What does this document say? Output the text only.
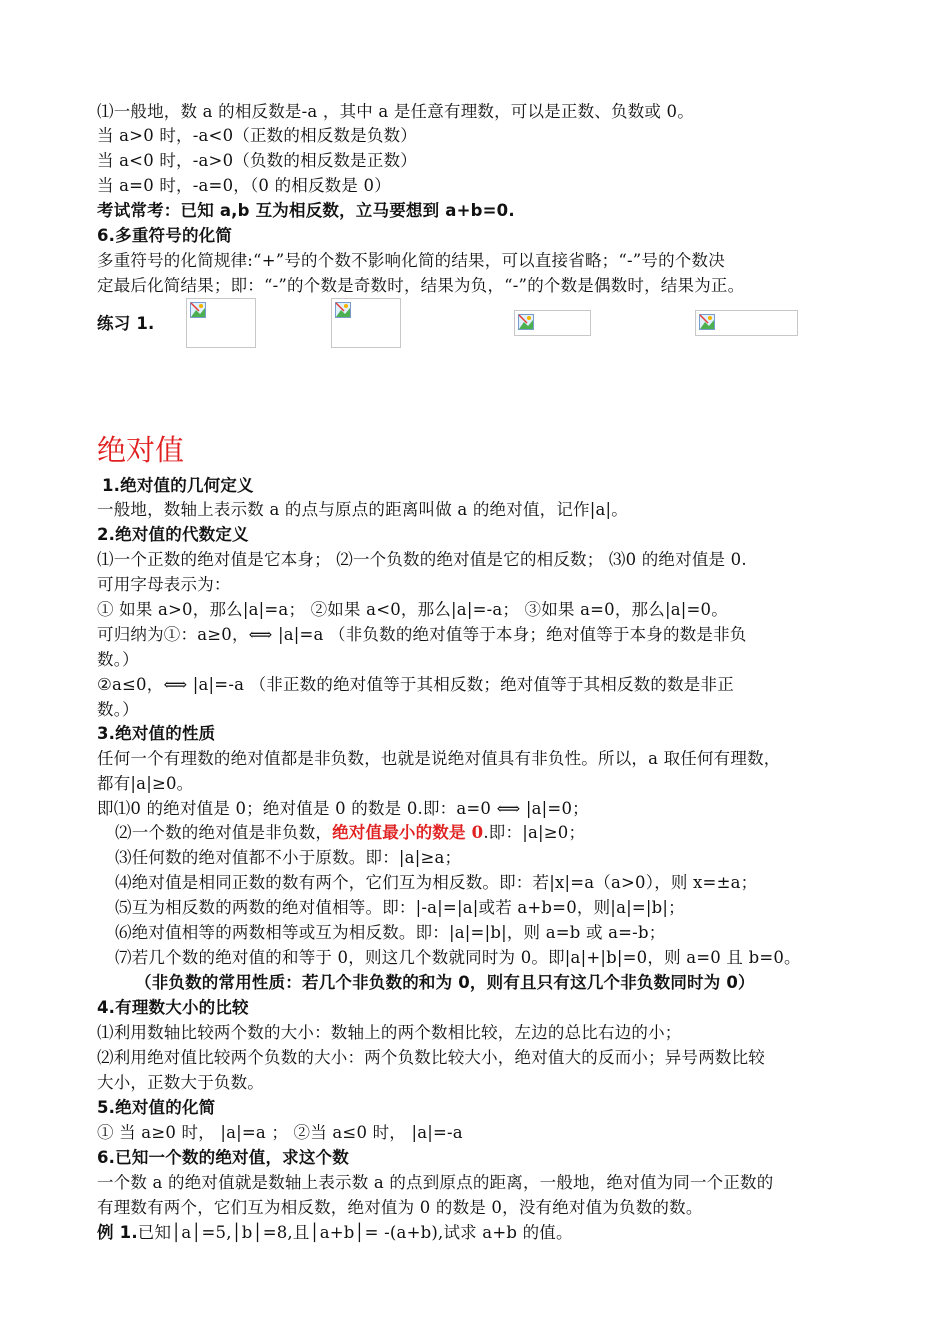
⑴一般地，数 a 的相反数是-a ，其中 a 是任意有理数，可以是正数、负数或 0。
当 a>0 时，-a<0（正数的相反数是负数）
当 a<0 时，-a>0（负数的相反数是正数）
当 a=0 时，-a=0，（0 的相反数是 0）
考试常考：已知 a,b 互为相反数，立马要想到 a+b=0.
6.多重符号的化简
多重符号的化简规律:“+”号的个数不影响化简的结果，可以直接省略；“-”号的个数决
定最后化简结果；即：“-”的个数是奇数时，结果为负，“-”的个数是偶数时，结果为正。
练习 1.
绝对值
1.绝对值的几何定义
一般地，数轴上表示数 a 的点与原点的距离叫做 a 的绝对值，记作|a|。
2.绝对值的代数定义
⑴一个正数的绝对值是它本身； ⑵一个负数的绝对值是它的相反数； ⑶0 的绝对值是 0.
可用字母表示为：
① 如果 a>0，那么|a|=a； ②如果 a<0，那么|a|=-a； ③如果 a=0，那么|a|=0。
可归纳为①：a≥0，⟺ |a|=a （非负数的绝对值等于本身；绝对值等于本身的数是非负
数。）
②a≤0，⟺ |a|=-a （非正数的绝对值等于其相反数；绝对值等于其相反数的数是非正
数。）
3.绝对值的性质
任何一个有理数的绝对值都是非负数，也就是说绝对值具有非负性。所以，a 取任何有理数，
都有|a|≥0。
即⑴0 的绝对值是 0；绝对值是 0 的数是 0.即：a=0 ⟺ |a|=0；
⑵一个数的绝对值是非负数，绝对值最小的数是 0.即：|a|≥0；
⑶任何数的绝对值都不小于原数。即：|a|≥a；
⑷绝对值是相同正数的数有两个，它们互为相反数。即：若|x|=a（a>0），则 x=±a；
⑸互为相反数的两数的绝对值相等。即：|-a|=|a|或若 a+b=0，则|a|=|b|；
⑹绝对值相等的两数相等或互为相反数。即：|a|=|b|，则 a=b 或 a=-b；
⑺若几个数的绝对值的和等于 0，则这几个数就同时为 0。即|a|+|b|=0，则 a=0 且 b=0。
（非负数的常用性质：若几个非负数的和为 0，则有且只有这几个非负数同时为 0）
4.有理数大小的比较
⑴利用数轴比较两个数的大小：数轴上的两个数相比较，左边的总比右边的小；
⑵利用绝对值比较两个负数的大小：两个负数比较大小，绝对值大的反而小；异号两数比较
大小，正数大于负数。
5.绝对值的化简
① 当 a≥0 时， |a|=a ； ②当 a≤0 时， |a|=-a
6.已知一个数的绝对值，求这个数
一个数 a 的绝对值就是数轴上表示数 a 的点到原点的距离，一般地，绝对值为同一个正数的
有理数有两个，它们互为相反数，绝对值为 0 的数是 0，没有绝对值为负数的数。
例 1.已知│a│=5,│b│=8,且│a+b│= -(a+b),试求 a+b 的值。
